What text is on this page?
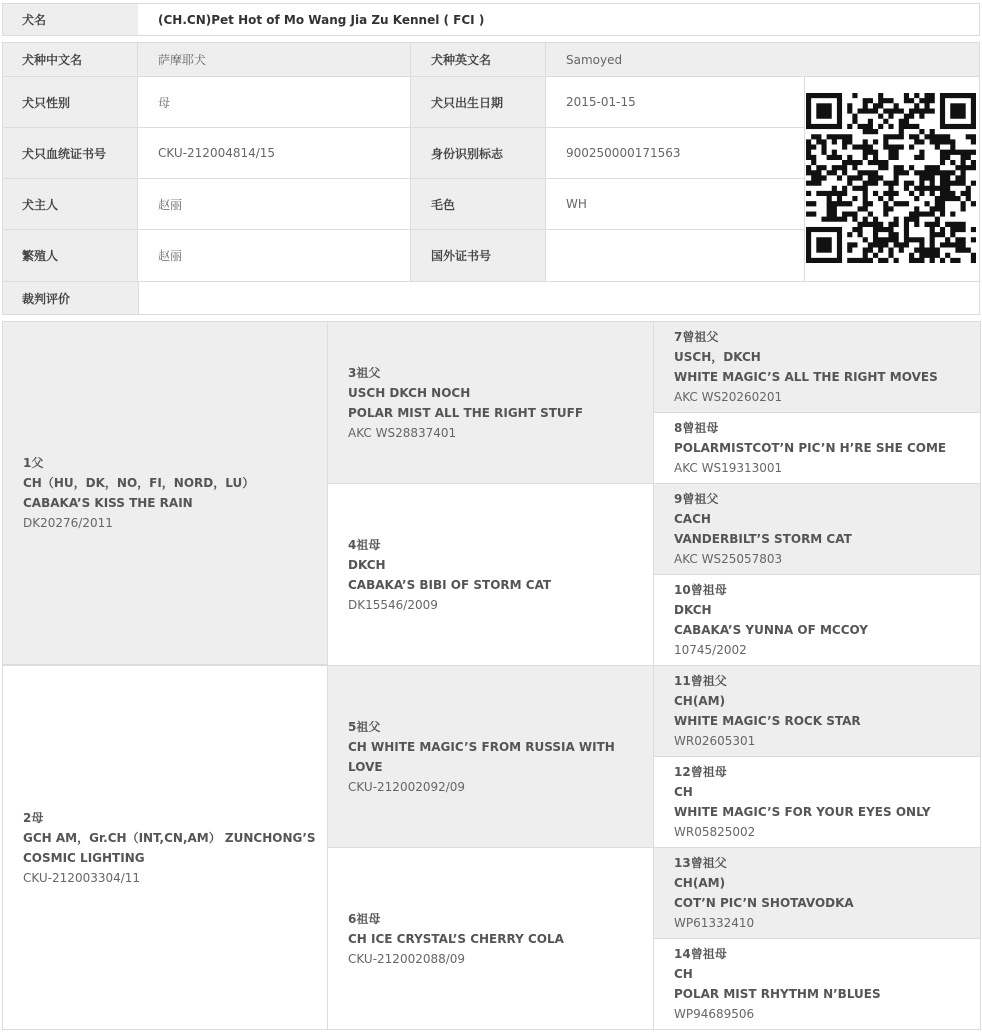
犬名	(CH.CN)Pet Hot of Mo Wang Jia Zu Kennel ( FCI )
犬种中文名	萨摩耶犬	犬种英文名	Samoyed
犬只性别	母	犬只出生日期	2015-01-15
犬只血统证书号	CKU-212004814/15	身份识别标志	900250000171563
犬主人	赵丽	毛色	WH
繁殖人	赵丽	国外证书号
裁判评价
1父
CH（HU，DK，NO，FI，NORD，LU）
CABAKA’S KISS THE RAIN
DK20276/2011
2母
GCH AM，Gr.CH（INT,CN,AM） ZUNCHONG’S
COSMIC LIGHTING
CKU-212003304/11
3祖父
USCH DKCH NOCH
POLAR MIST ALL THE RIGHT STUFF
AKC WS28837401
4祖母
DKCH
CABAKA’S BIBI OF STORM CAT
DK15546/2009
5祖父
CH WHITE MAGIC’S FROM RUSSIA WITH LOVE
CKU-212002092/09
6祖母
CH ICE CRYSTAL’S CHERRY COLA
CKU-212002088/09
7曾祖父
USCH，DKCH
WHITE MAGIC’S ALL THE RIGHT MOVES
AKC WS20260201
8曾祖母
POLARMISTCOT’N PIC’N H’RE SHE COME
AKC WS19313001
9曾祖父
CACH
VANDERBILT’S STORM CAT
AKC WS25057803
10曾祖母
DKCH
CABAKA’S YUNNA OF MCCOY
10745/2002
11曾祖父
CH(AM)
WHITE MAGIC’S ROCK STAR
WR02605301
12曾祖母
CH
WHITE MAGIC’S FOR YOUR EYES ONLY
WR05825002
13曾祖父
CH(AM)
COT’N PIC’N SHOTAVODKA
WP61332410
14曾祖母
CH
POLAR MIST RHYTHM N’BLUES
WP94689506
